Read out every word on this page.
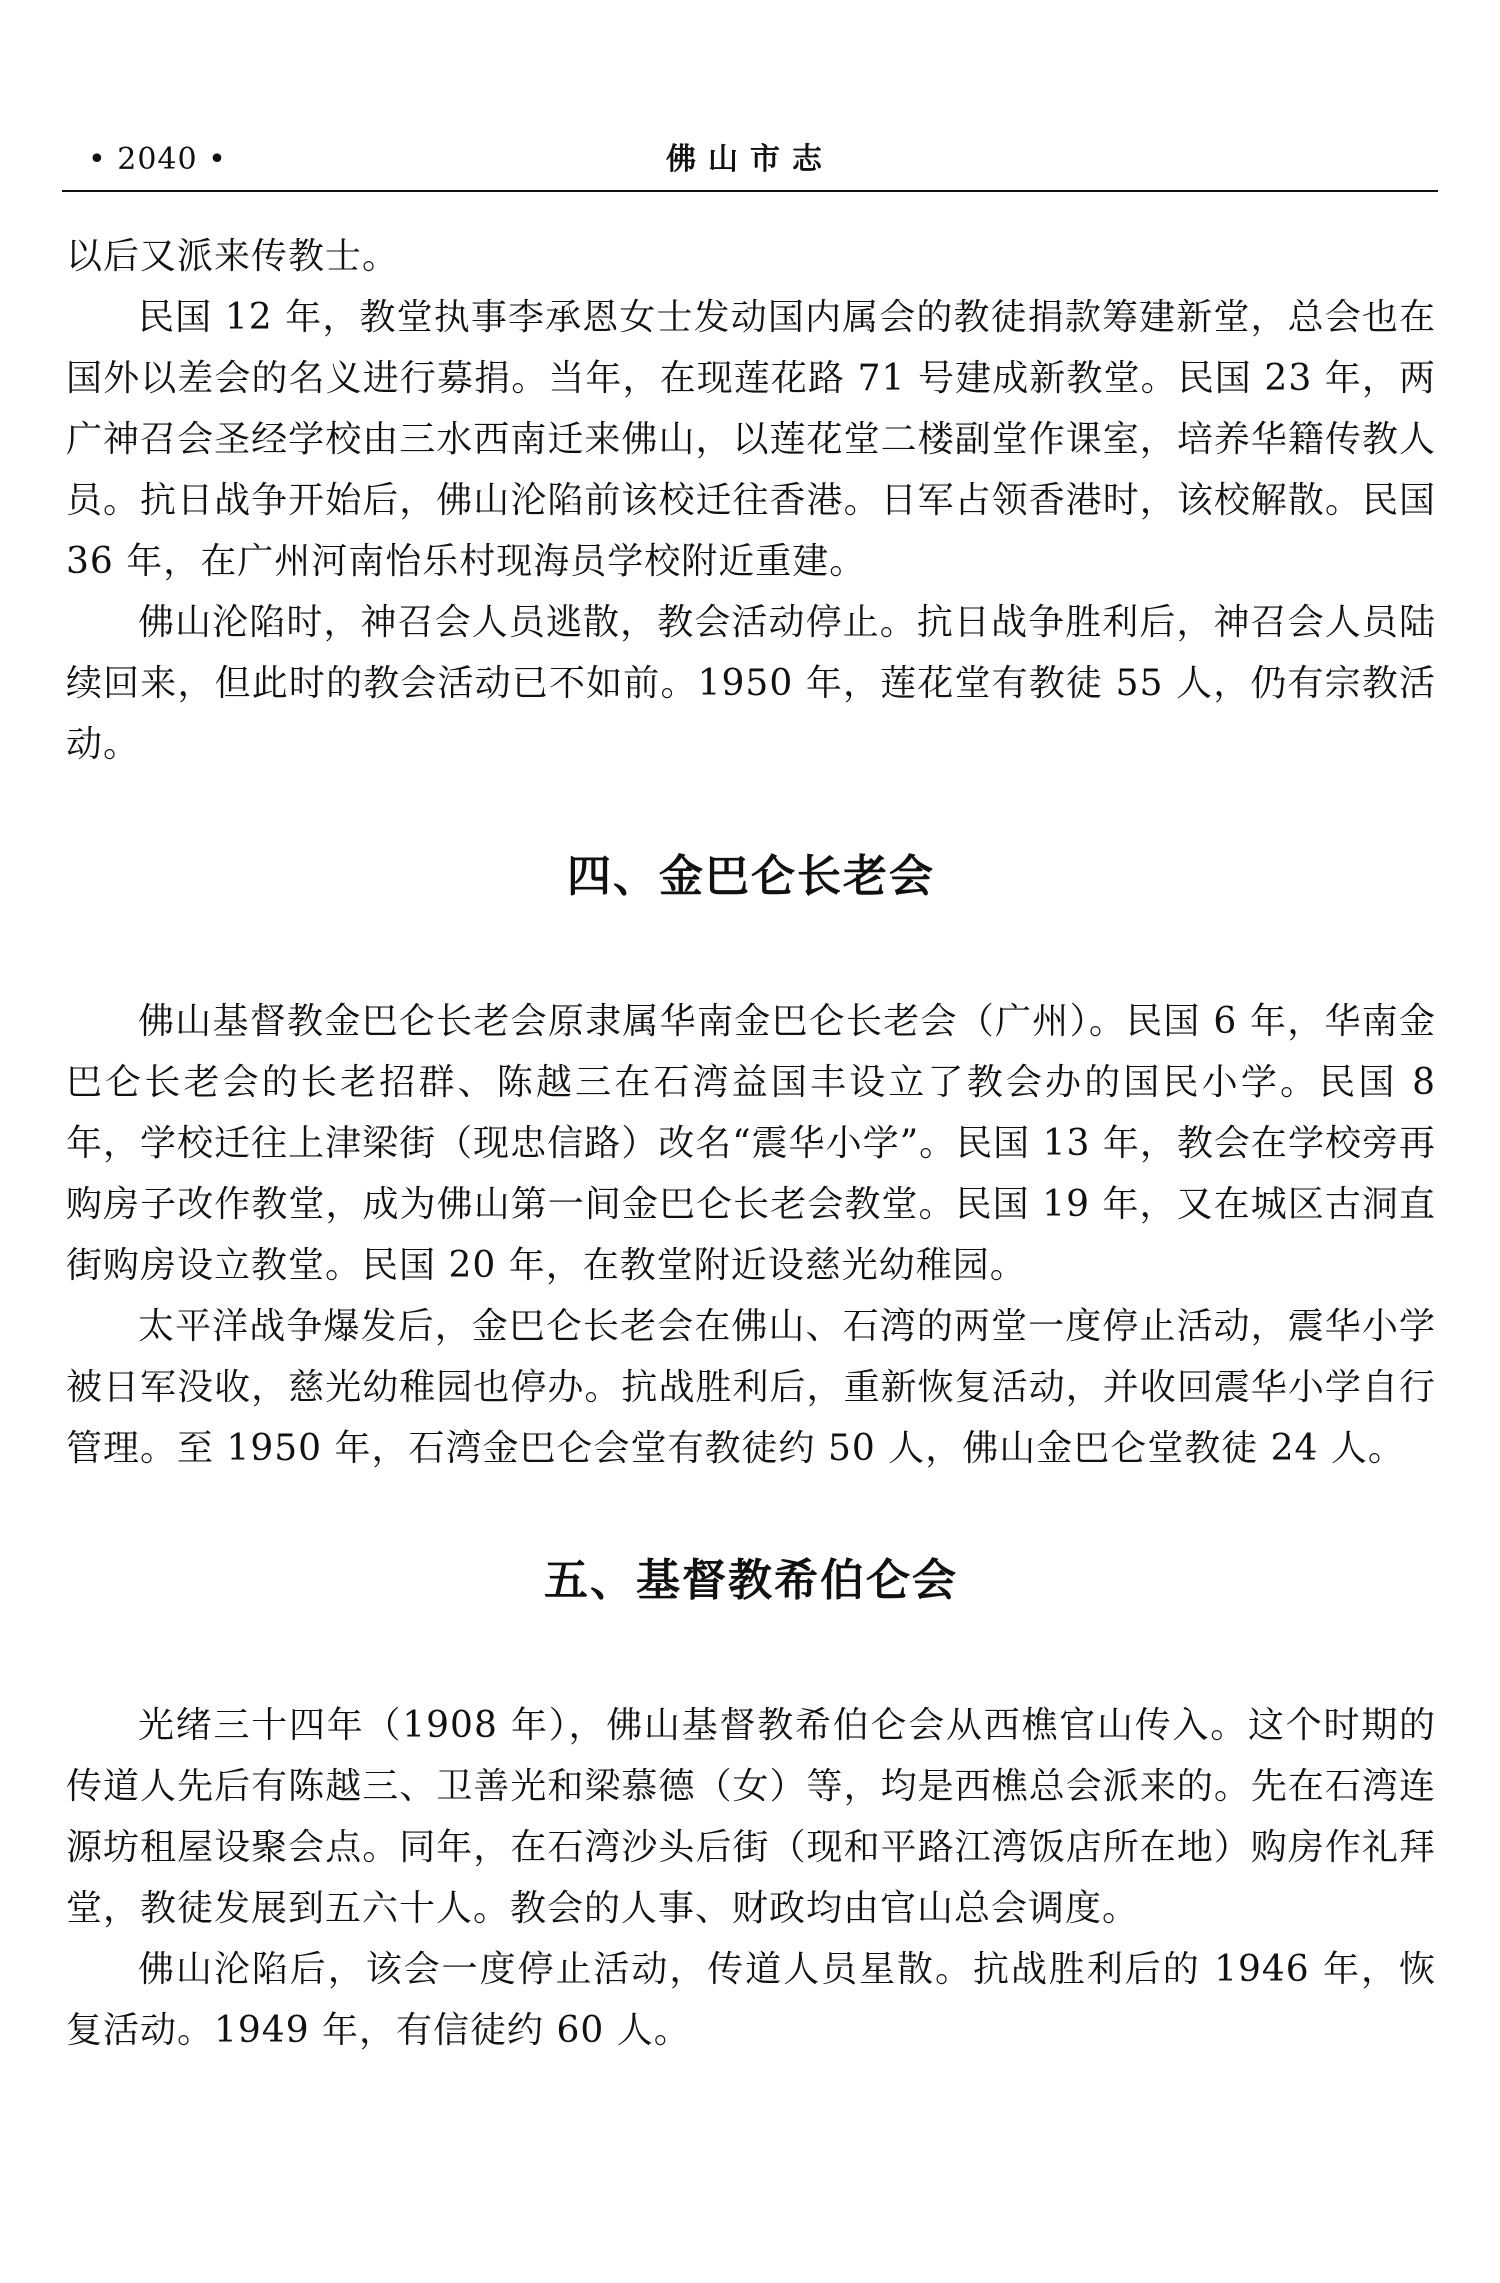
• 2040 •	佛山市志

以后又派来传教士。

民国 12 年，教堂执事李承恩女士发动国内属会的教徒捐款筹建新堂，总会也在国外以差会的名义进行募捐。当年，在现莲花路 71 号建成新教堂。民国 23 年，两广神召会圣经学校由三水西南迁来佛山，以莲花堂二楼副堂作课室，培养华籍传教人员。抗日战争开始后，佛山沦陷前该校迁往香港。日军占领香港时，该校解散。民国 36 年，在广州河南怡乐村现海员学校附近重建。

佛山沦陷时，神召会人员逃散，教会活动停止。抗日战争胜利后，神召会人员陆续回来，但此时的教会活动已不如前。1950 年，莲花堂有教徒 55 人，仍有宗教活动。

四、金巴仑长老会

佛山基督教金巴仑长老会原隶属华南金巴仑长老会（广州）。民国 6 年，华南金巴仑长老会的长老招群、陈越三在石湾益国丰设立了教会办的国民小学。民国 8 年，学校迁往上津梁街（现忠信路）改名“震华小学”。民国 13 年，教会在学校旁再购房子改作教堂，成为佛山第一间金巴仑长老会教堂。民国 19 年，又在城区古洞直街购房设立教堂。民国 20 年，在教堂附近设慈光幼稚园。

太平洋战争爆发后，金巴仑长老会在佛山、石湾的两堂一度停止活动，震华小学被日军没收，慈光幼稚园也停办。抗战胜利后，重新恢复活动，并收回震华小学自行管理。至 1950 年，石湾金巴仑会堂有教徒约 50 人，佛山金巴仑堂教徒 24 人。

五、基督教希伯仑会

光绪三十四年（1908 年），佛山基督教希伯仑会从西樵官山传入。这个时期的传道人先后有陈越三、卫善光和梁慕德（女）等，均是西樵总会派来的。先在石湾连源坊租屋设聚会点。同年，在石湾沙头后街（现和平路江湾饭店所在地）购房作礼拜堂，教徒发展到五六十人。教会的人事、财政均由官山总会调度。

佛山沦陷后，该会一度停止活动，传道人员星散。抗战胜利后的 1946 年，恢复活动。1949 年，有信徒约 60 人。
